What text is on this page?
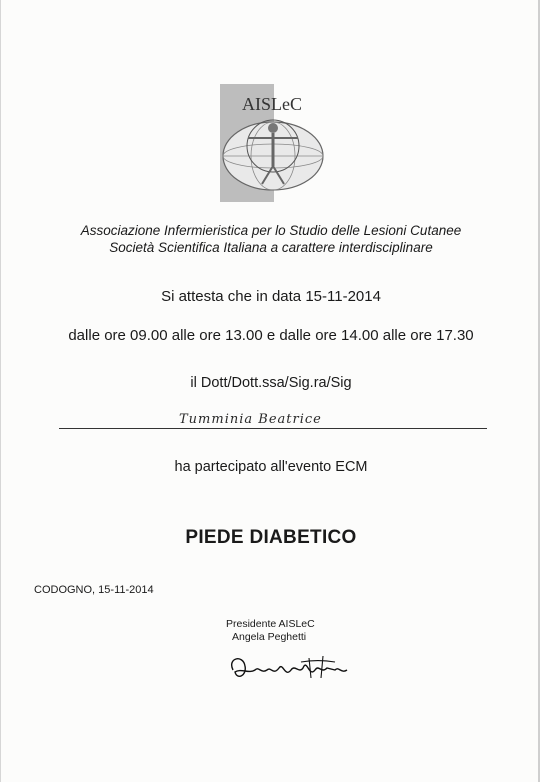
AISLeC
Associazione Infermieristica per lo Studio delle Lesioni Cutanee
Società Scientifica Italiana a carattere interdisciplinare
Si attesta che in data 15-11-2014
dalle ore 09.00 alle ore 13.00 e dalle ore 14.00 alle ore 17.30
il Dott/Dott.ssa/Sig.ra/Sig
Tumminia Beatrice
ha partecipato all'evento ECM
PIEDE DIABETICO
CODOGNO, 15-11-2014
Presidente AISLeC
Angela Peghetti
